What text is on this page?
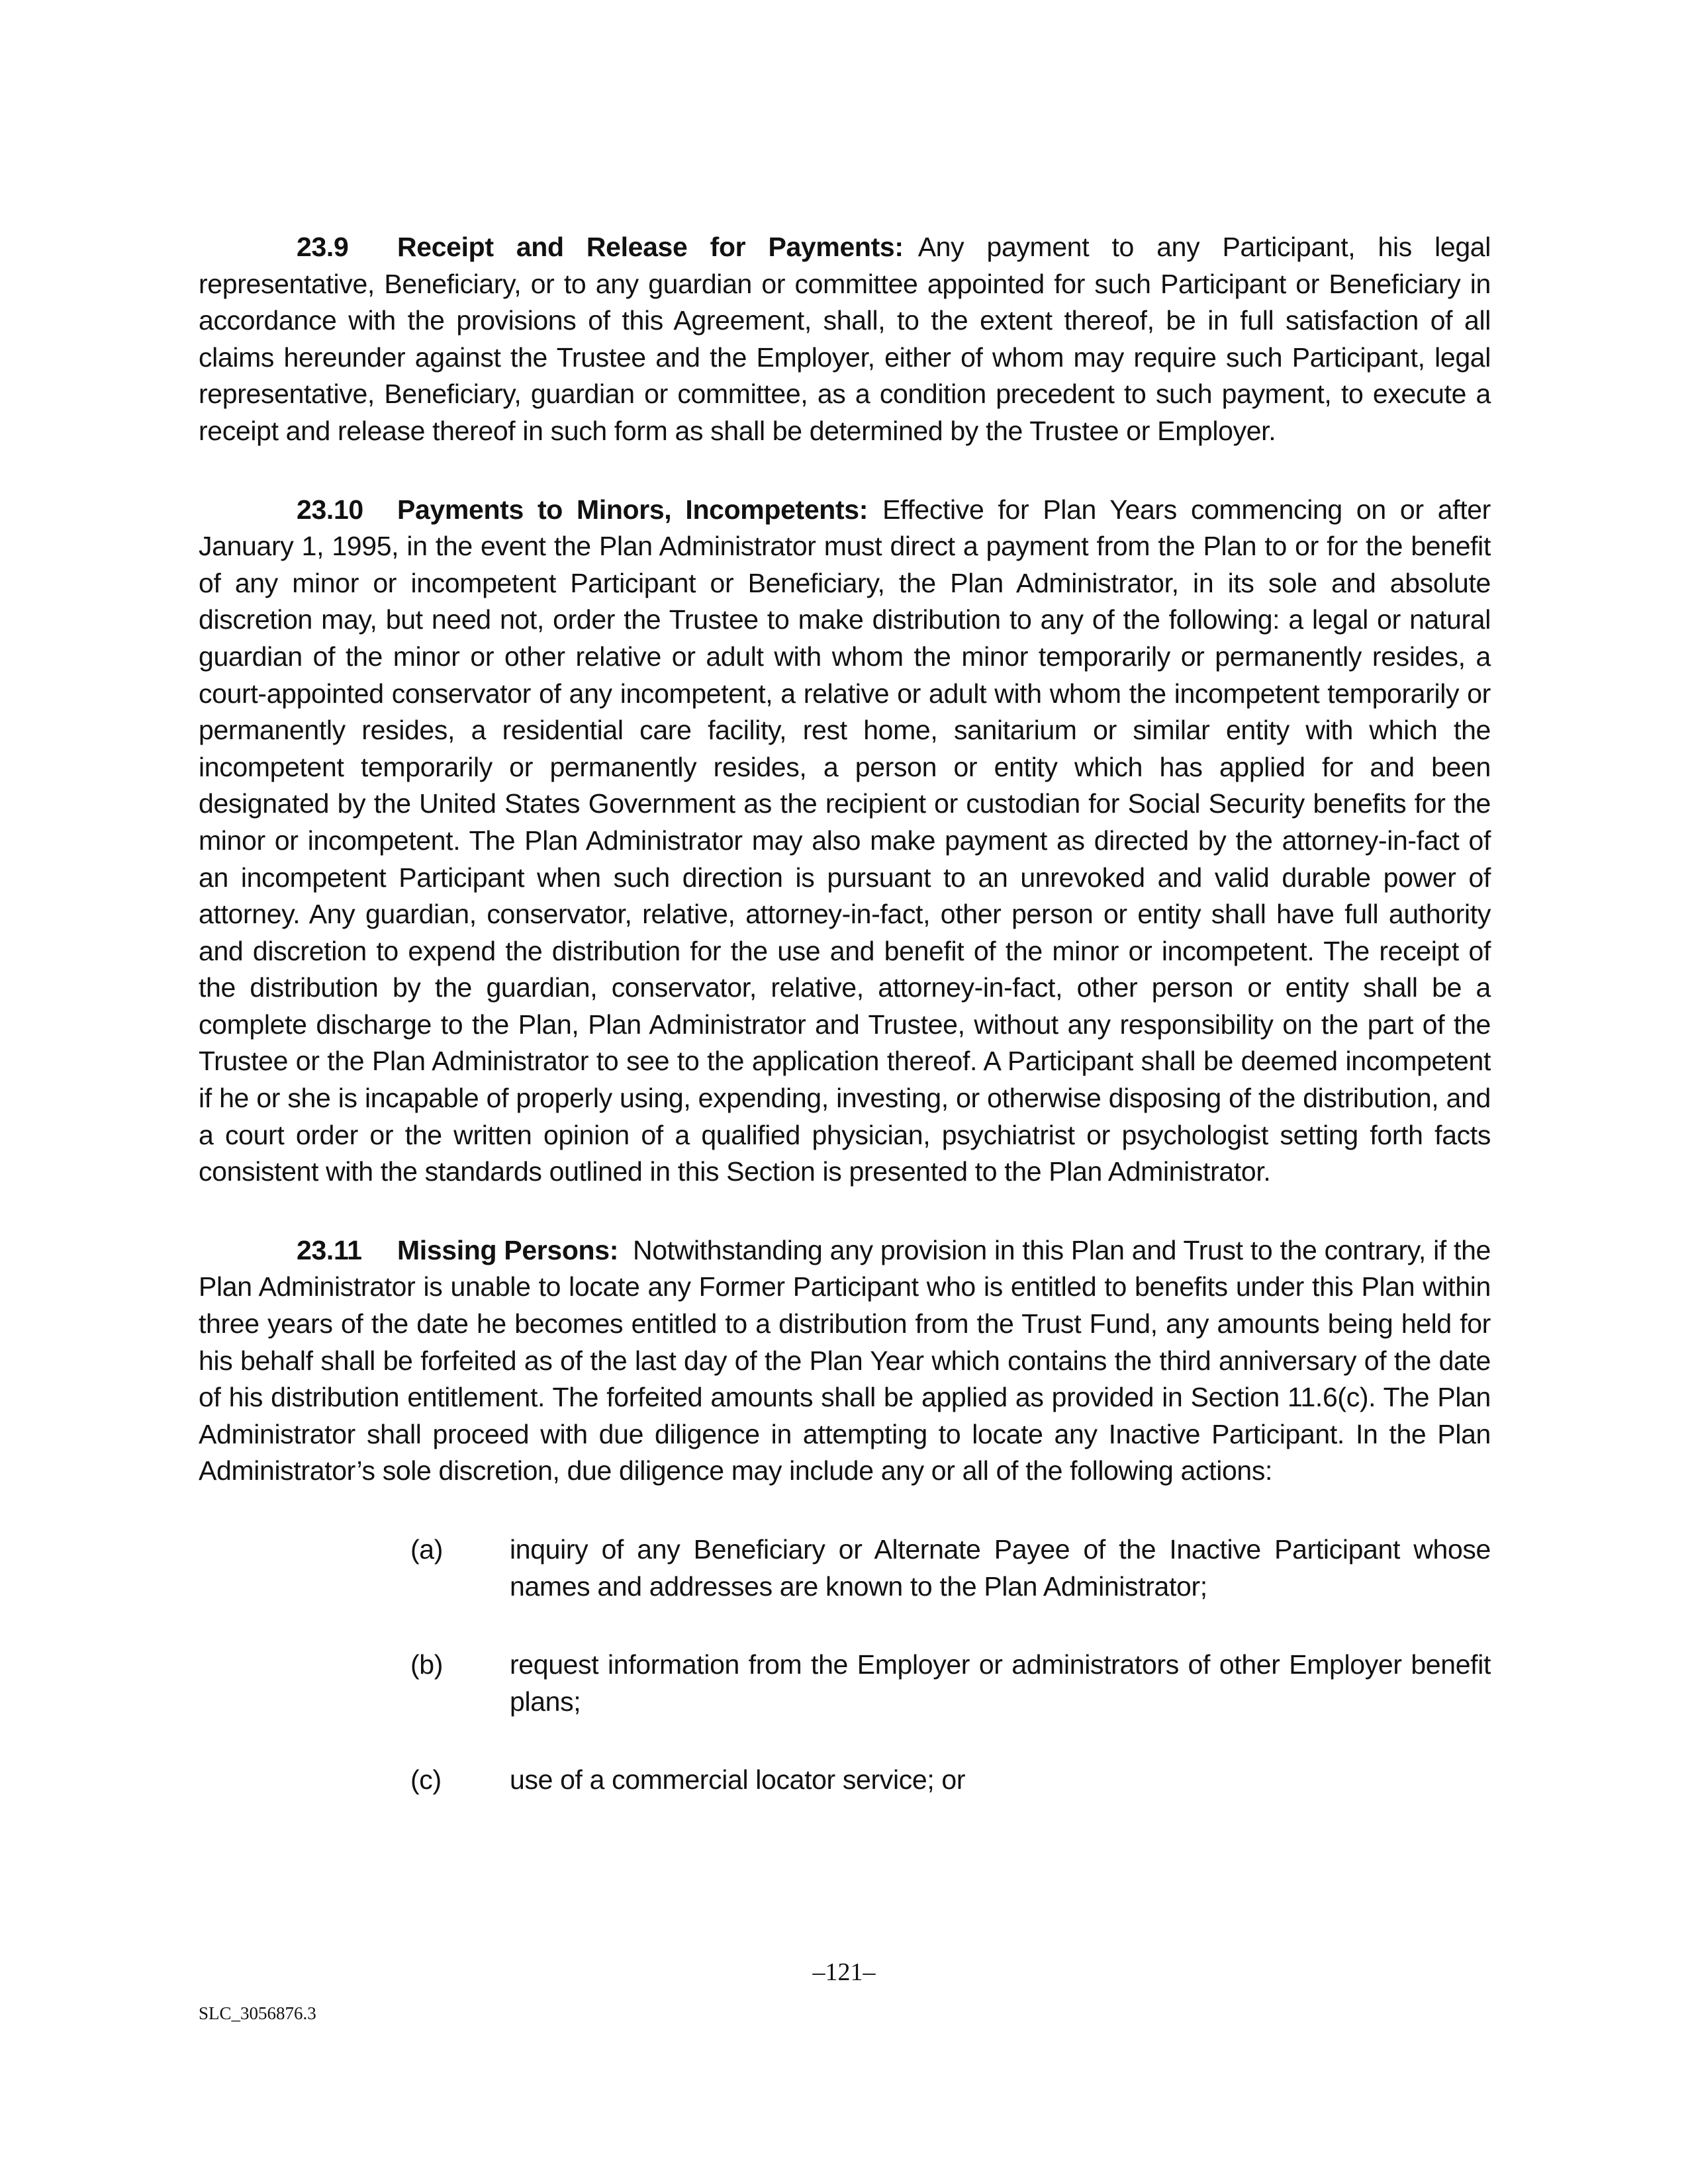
23.9 Receipt and Release for Payments: Any payment to any Participant, his legal representative, Beneficiary, or to any guardian or committee appointed for such Participant or Beneficiary in accordance with the provisions of this Agreement, shall, to the extent thereof, be in full satisfaction of all claims hereunder against the Trustee and the Employer, either of whom may require such Participant, legal representative, Beneficiary, guardian or committee, as a condition precedent to such payment, to execute a receipt and release thereof in such form as shall be determined by the Trustee or Employer.

23.10 Payments to Minors, Incompetents: Effective for Plan Years commencing on or after January 1, 1995, in the event the Plan Administrator must direct a payment from the Plan to or for the benefit of any minor or incompetent Participant or Beneficiary, the Plan Administrator, in its sole and absolute discretion may, but need not, order the Trustee to make distribution to any of the following: a legal or natural guardian of the minor or other relative or adult with whom the minor temporarily or permanently resides, a court-appointed conservator of any incompetent, a relative or adult with whom the incompetent temporarily or permanently resides, a residential care facility, rest home, sanitarium or similar entity with which the incompetent temporarily or permanently resides, a person or entity which has applied for and been designated by the United States Government as the recipient or custodian for Social Security benefits for the minor or incompetent. The Plan Administrator may also make payment as directed by the attorney-in-fact of an incompetent Participant when such direction is pursuant to an unrevoked and valid durable power of attorney. Any guardian, conservator, relative, attorney-in-fact, other person or entity shall have full authority and discretion to expend the distribution for the use and benefit of the minor or incompetent. The receipt of the distribution by the guardian, conservator, relative, attorney-in-fact, other person or entity shall be a complete discharge to the Plan, Plan Administrator and Trustee, without any responsibility on the part of the Trustee or the Plan Administrator to see to the application thereof. A Participant shall be deemed incompetent if he or she is incapable of properly using, expending, investing, or otherwise disposing of the distribution, and a court order or the written opinion of a qualified physician, psychiatrist or psychologist setting forth facts consistent with the standards outlined in this Section is presented to the Plan Administrator.

23.11 Missing Persons: Notwithstanding any provision in this Plan and Trust to the contrary, if the Plan Administrator is unable to locate any Former Participant who is entitled to benefits under this Plan within three years of the date he becomes entitled to a distribution from the Trust Fund, any amounts being held for his behalf shall be forfeited as of the last day of the Plan Year which contains the third anniversary of the date of his distribution entitlement. The forfeited amounts shall be applied as provided in Section 11.6(c). The Plan Administrator shall proceed with due diligence in attempting to locate any Inactive Participant. In the Plan Administrator’s sole discretion, due diligence may include any or all of the following actions:

(a) inquiry of any Beneficiary or Alternate Payee of the Inactive Participant whose names and addresses are known to the Plan Administrator;
(b) request information from the Employer or administrators of other Employer benefit plans;
(c)	use of a commercial locator service; or
–121–
SLC_3056876.3
